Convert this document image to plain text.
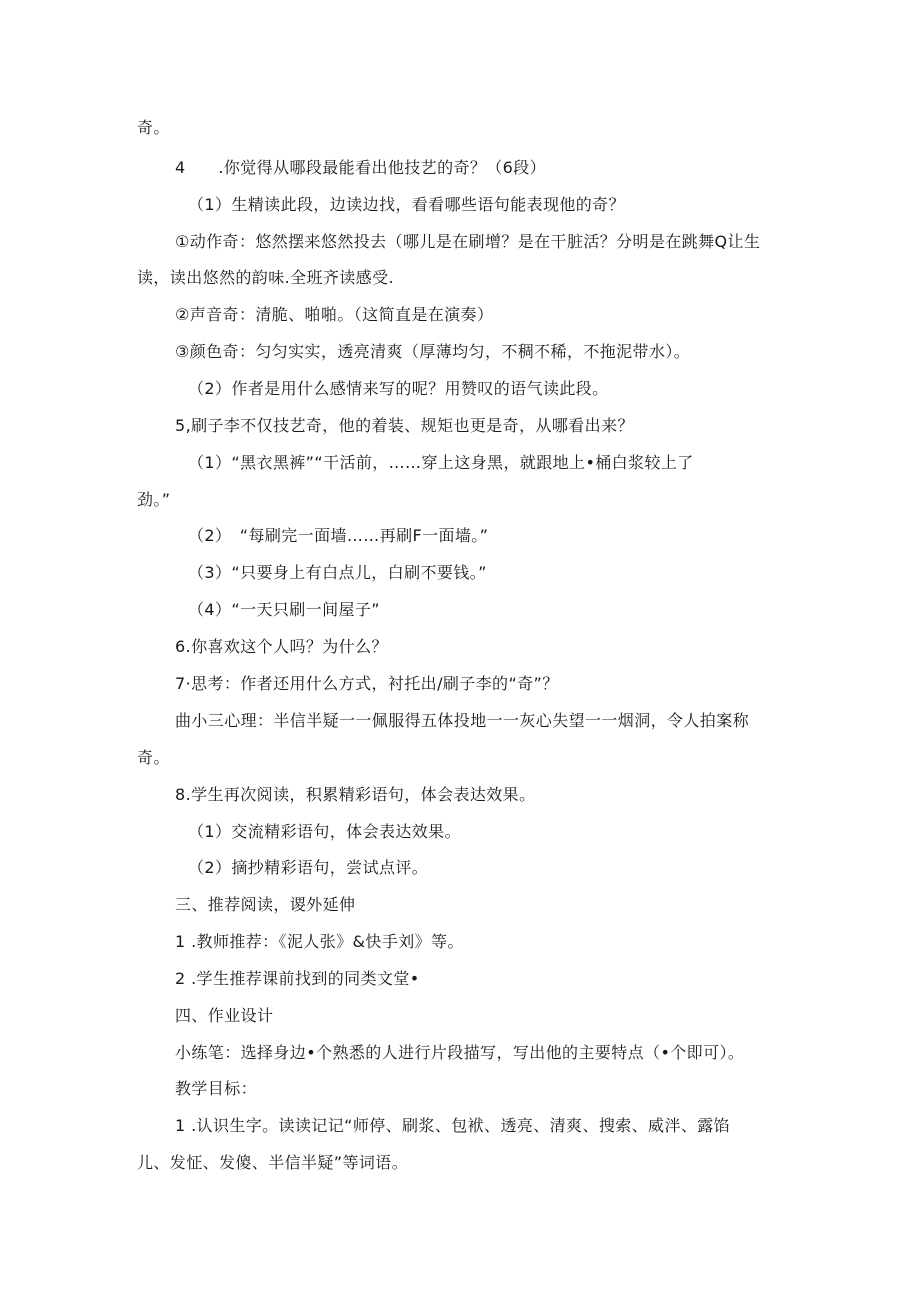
奇。
4　　.你觉得从哪段最能看出他技艺的奇？（6段）
（1）生精读此段，边读边找，看看哪些语句能表现他的奇？
①动作奇：悠然摆来悠然投去（哪儿是在刷增？是在干脏活？分明是在跳舞Q让生
读，读出悠然的韵味.全班齐读感受.
②声音奇：清脆、啪啪。（这简直是在演奏）
③颜色奇：匀匀实实，透亮清爽（厚薄均匀，不稠不稀，不拖泥带水）。
（2）作者是用什么感情来写的呢？用赞叹的语气读此段。
5,刷子李不仅技艺奇，他的着装、规矩也更是奇，从哪看出来？
（1）“黑衣黑裤”“干活前，……穿上这身黑，就跟地上•桶白浆较上了
劲。”
（2）　“每刷完一面墙……再刷F一面墙。”
（3）“只要身上有白点儿，白刷不要钱。”
（4）“一天只刷一间屋子”
6.你喜欢这个人吗？为什么？
7·思考：作者还用什么方式，衬托出/刷子李的“奇”？
曲小三心理：半信半疑一一佩服得五体投地一一灰心失望一一烟洞，令人拍案称
奇。
8.学生再次阅读，积累精彩语句，体会表达效果。
（1）交流精彩语句，体会表达效果。
（2）摘抄精彩语句，尝试点评。
三、推荐阅读，谡外延伸
1 .教师推荐：《泥人张》&快手刘》等。
2 .学生推荐课前找到的同类文堂•
四、作业设计
小练笔：选择身边•个熟悉的人进行片段描写，写出他的主要特点（•个即可）。
教学目标：
1 .认识生字。读读记记“师停、刷浆、包袱、透亮、清爽、搜索、威泮、露馅
儿、发怔、发傻、半信半疑”等词语。
